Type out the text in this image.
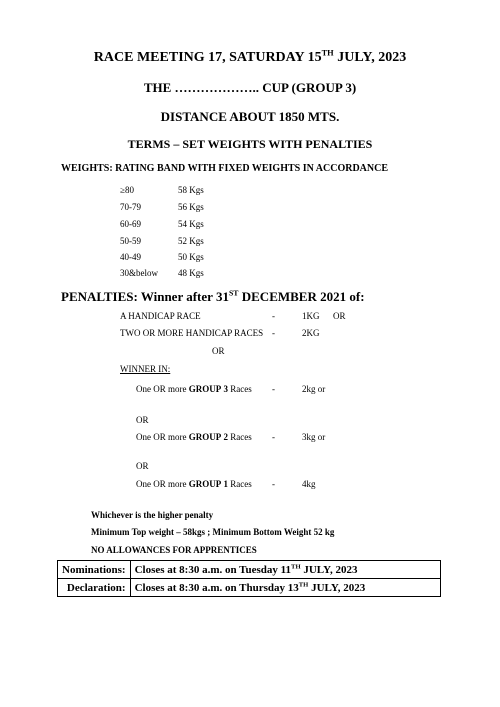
RACE MEETING 17, SATURDAY 15TH JULY, 2023
THE ……………….. CUP (GROUP 3)
DISTANCE ABOUT 1850 MTS.
TERMS – SET WEIGHTS WITH PENALTIES
WEIGHTS: RATING BAND WITH FIXED WEIGHTS IN ACCORDANCE
≥80	58 Kgs
70-79	56 Kgs
60-69	54 Kgs
50-59	52 Kgs
40-49	50 Kgs
30&below 48 Kgs
PENALTIES: Winner after 31ST DECEMBER 2021 of:
A HANDICAP RACE	-	1KG OR
TWO OR MORE HANDICAP RACES -	2KG
OR
WINNER IN:
One OR more GROUP 3 Races -	2kg or
OR
One OR more GROUP 2 Races -	3kg or
OR
One OR more GROUP 1 Races -	4kg
Whichever is the higher penalty
Minimum Top weight – 58kgs ; Minimum Bottom Weight 52 kg
NO ALLOWANCES FOR APPRENTICES
Nominations:	Closes at 8:30 a.m. on Tuesday 11TH JULY, 2023
Declaration:	Closes at 8:30 a.m. on Thursday 13TH JULY, 2023
